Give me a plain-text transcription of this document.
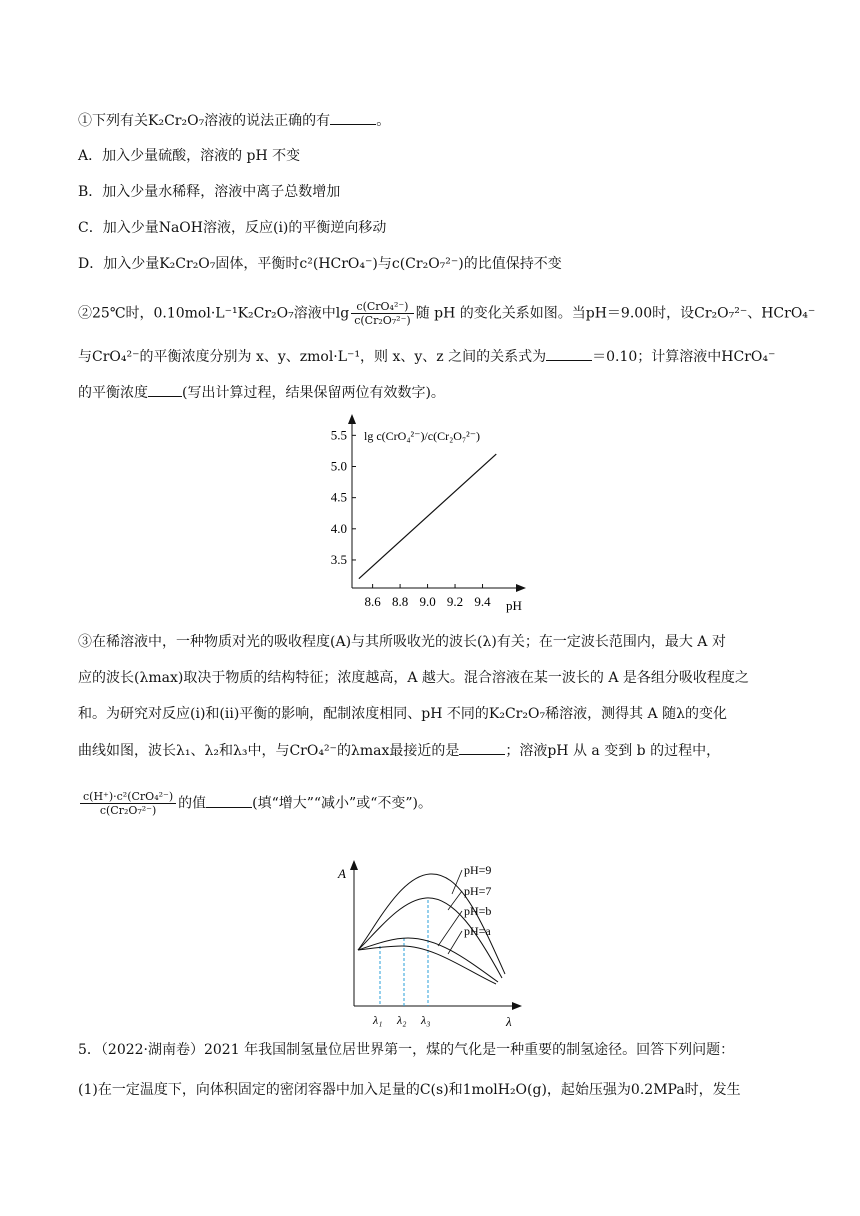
①下列有关K₂Cr₂O₇溶液的说法正确的有	。
A．加入少量硫酸，溶液的 pH 不变
B．加入少量水稀释，溶液中离子总数增加
C．加入少量NaOH溶液，反应(ⅰ)的平衡逆向移动
D．加入少量K₂Cr₂O₇固体，平衡时c²(HCrO₄⁻)与c(Cr₂O₇²⁻)的比值保持不变
②25℃时，0.10mol·L⁻¹K₂Cr₂O₇溶液中$\lg \frac{\text{c(CrO₄²⁻)}}{\text{c(Cr₂O₇²⁻)}}$ 随 pH 的变化关系如图。当pH＝9.00时，设Cr₂O₇²⁻、HCrO₄⁻
与CrO₄²⁻的平衡浓度分别为 x、y、zmol·L⁻¹，则 x、y、z 之间的关系式为	＝0.10；计算溶液中HCrO₄⁻
的平衡浓度 (写出计算过程，结果保留两位有效数字)。
3.5
4.0
4.5
5.0
5.5
8.6 8.8 9.0 9.2 9.4
lg c(CrO₄²⁻)/c(Cr₂O₇²⁻)
pH
③在稀溶液中，一种物质对光的吸收程度(A)与其所吸收光的波长(λ)有关；在一定波长范围内，最大 A 对
应的波长(λmax)取决于物质的结构特征；浓度越高，A 越大。混合溶液在某一波长的 A 是各组分吸收程度之
和。为研究对反应(ⅰ)和(ⅱ)平衡的影响，配制浓度相同、pH 不同的K₂Cr₂O₇稀溶液，测得其 A 随λ的变化
曲线如图，波长λ₁、λ₂和λ₃中，与CrO₄²⁻的λmax最接近的是	；溶液pH 从 a 变到 b 的过程中，
$\frac{\text{c(H⁺)·c²(CrO₄²⁻)}}{\text{c(Cr₂O₇²⁻)}}$ 的值	(填“增大”“减小”或“不变”)。
A
λ
pH=9
pH=7
pH=b
pH=a
λ₁ λ₂ λ₃
5．（2022·湖南卷）2021 年我国制氢量位居世界第一，煤的气化是一种重要的制氢途径。回答下列问题：
(1)在一定温度下，向体积固定的密闭容器中加入足量的C(s)和1molH₂O(g)，起始压强为0.2MPa时，发生
